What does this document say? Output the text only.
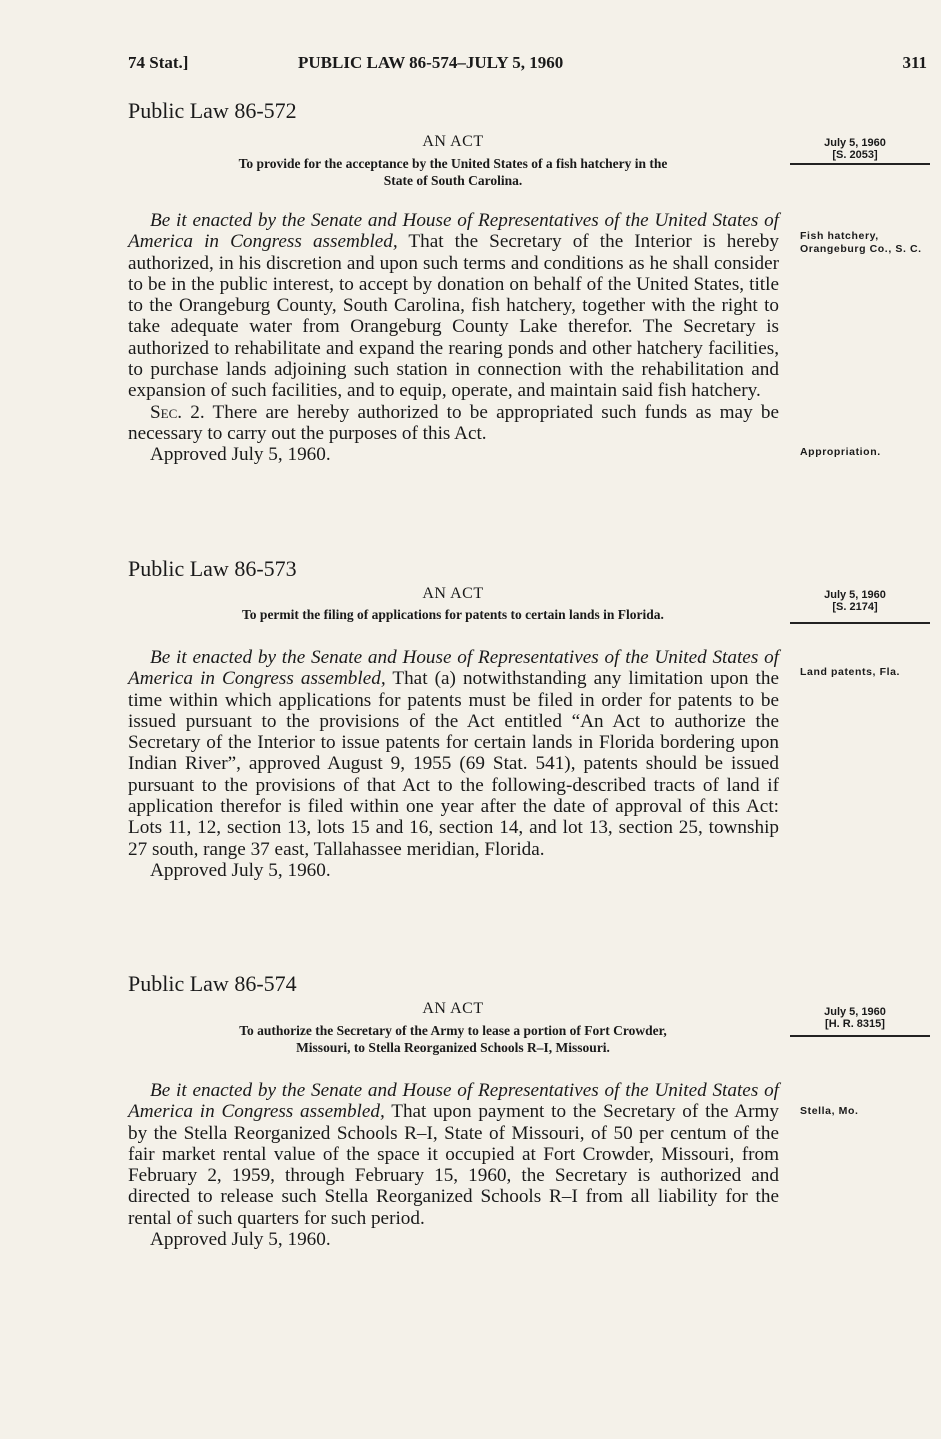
74 Stat.]	PUBLIC LAW 86-574–JULY 5, 1960	311
Public Law 86-572
AN ACT
To provide for the acceptance by the United States of a fish hatchery in the
State of South Carolina.
July 5, 1960
[S. 2053]

Be it enacted by the Senate and House of Representatives of the United States of America in Congress assembled, That the Secretary of the Interior is hereby authorized, in his discretion and upon such terms and conditions as he shall consider to be in the public interest, to accept by donation on behalf of the United States, title to the Orangeburg County, South Carolina, fish hatchery, together with the right to take adequate water from Orangeburg County Lake therefor. The Secretary is authorized to rehabilitate and expand the rearing ponds and other hatchery facilities, to purchase lands adjoining such station in connection with the rehabilitation and expansion of such facilities, and to equip, operate, and maintain said fish hatchery.

Sec. 2. There are hereby authorized to be appropriated such funds as may be necessary to carry out the purposes of this Act.

Approved July 5, 1960.

Fish hatchery, Orangeburg Co., S. C.
Appropriation.
Public Law 86-573
AN ACT
To permit the filing of applications for patents to certain lands in Florida.
July 5, 1960
[S. 2174]

Be it enacted by the Senate and House of Representatives of the United States of America in Congress assembled, That (a) notwithstanding any limitation upon the time within which applications for patents must be filed in order for patents to be issued pursuant to the provisions of the Act entitled “An Act to authorize the Secretary of the Interior to issue patents for certain lands in Florida bordering upon Indian River”, approved August 9, 1955 (69 Stat. 541), patents should be issued pursuant to the provisions of that Act to the following-described tracts of land if application therefor is filed within one year after the date of approval of this Act: Lots 11, 12, section 13, lots 15 and 16, section 14, and lot 13, section 25, township 27 south, range 37 east, Tallahassee meridian, Florida.

Approved July 5, 1960.

Land patents, Fla.
Public Law 86-574
AN ACT
To authorize the Secretary of the Army to lease a portion of Fort Crowder,
Missouri, to Stella Reorganized Schools R–I, Missouri.
July 5, 1960
[H. R. 8315]

Be it enacted by the Senate and House of Representatives of the United States of America in Congress assembled, That upon payment to the Secretary of the Army by the Stella Reorganized Schools R–I, State of Missouri, of 50 per centum of the fair market rental value of the space it occupied at Fort Crowder, Missouri, from February 2, 1959, through February 15, 1960, the Secretary is authorized and directed to release such Stella Reorganized Schools R–I from all liability for the rental of such quarters for such period.

Approved July 5, 1960.

Stella, Mo.
